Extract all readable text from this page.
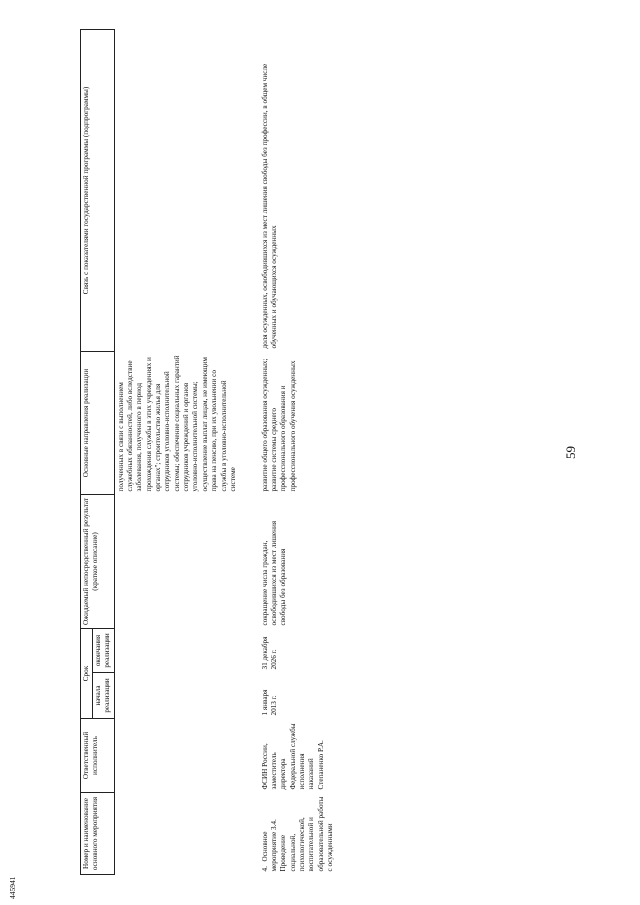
59
Номер и наименование основного мероприятия	Ответственный исполнитель	Срок		Ожидаемый непосредственный результат (краткое описание)	Основные направления реализации	Связь с показателями государственной программы (подпрограммы)
		начала реализации	окончания реализации			
					полученных в связи с выполнением служебных обязанностей, либо вследствие заболевания, полученного в период прохождения службы в этих учреждениях и органах"; строительство жилья для сотрудников уголовно-исполнительной системы; обеспечение социальных гарантий сотрудников учреждений и органов уголовно-исполнительной системы; осуществление выплат лицам, не имеющим права на пенсию, при их увольнении со службы в уголовно-исполнительной системе	
4.Основное мероприятие 3.4. Проведение социальной, психологической, воспитательной и образовательной работы с осужденными	ФСИН России, заместитель директора Федеральной службы исполнения наказаний Степаненко Р.А.	1 января 2013 г.	31 декабря 2026 г.	сокращение числа граждан, освободившихся из мест лишения свободы без образования	развитие общего образования осужденных; развитие системы среднего профессионального образования и профессионального обучения осужденных	доля осужденных, освободившихся из мест лишения свободы без профессии, в общем числе обученных и обучающихся осужденных
445941
